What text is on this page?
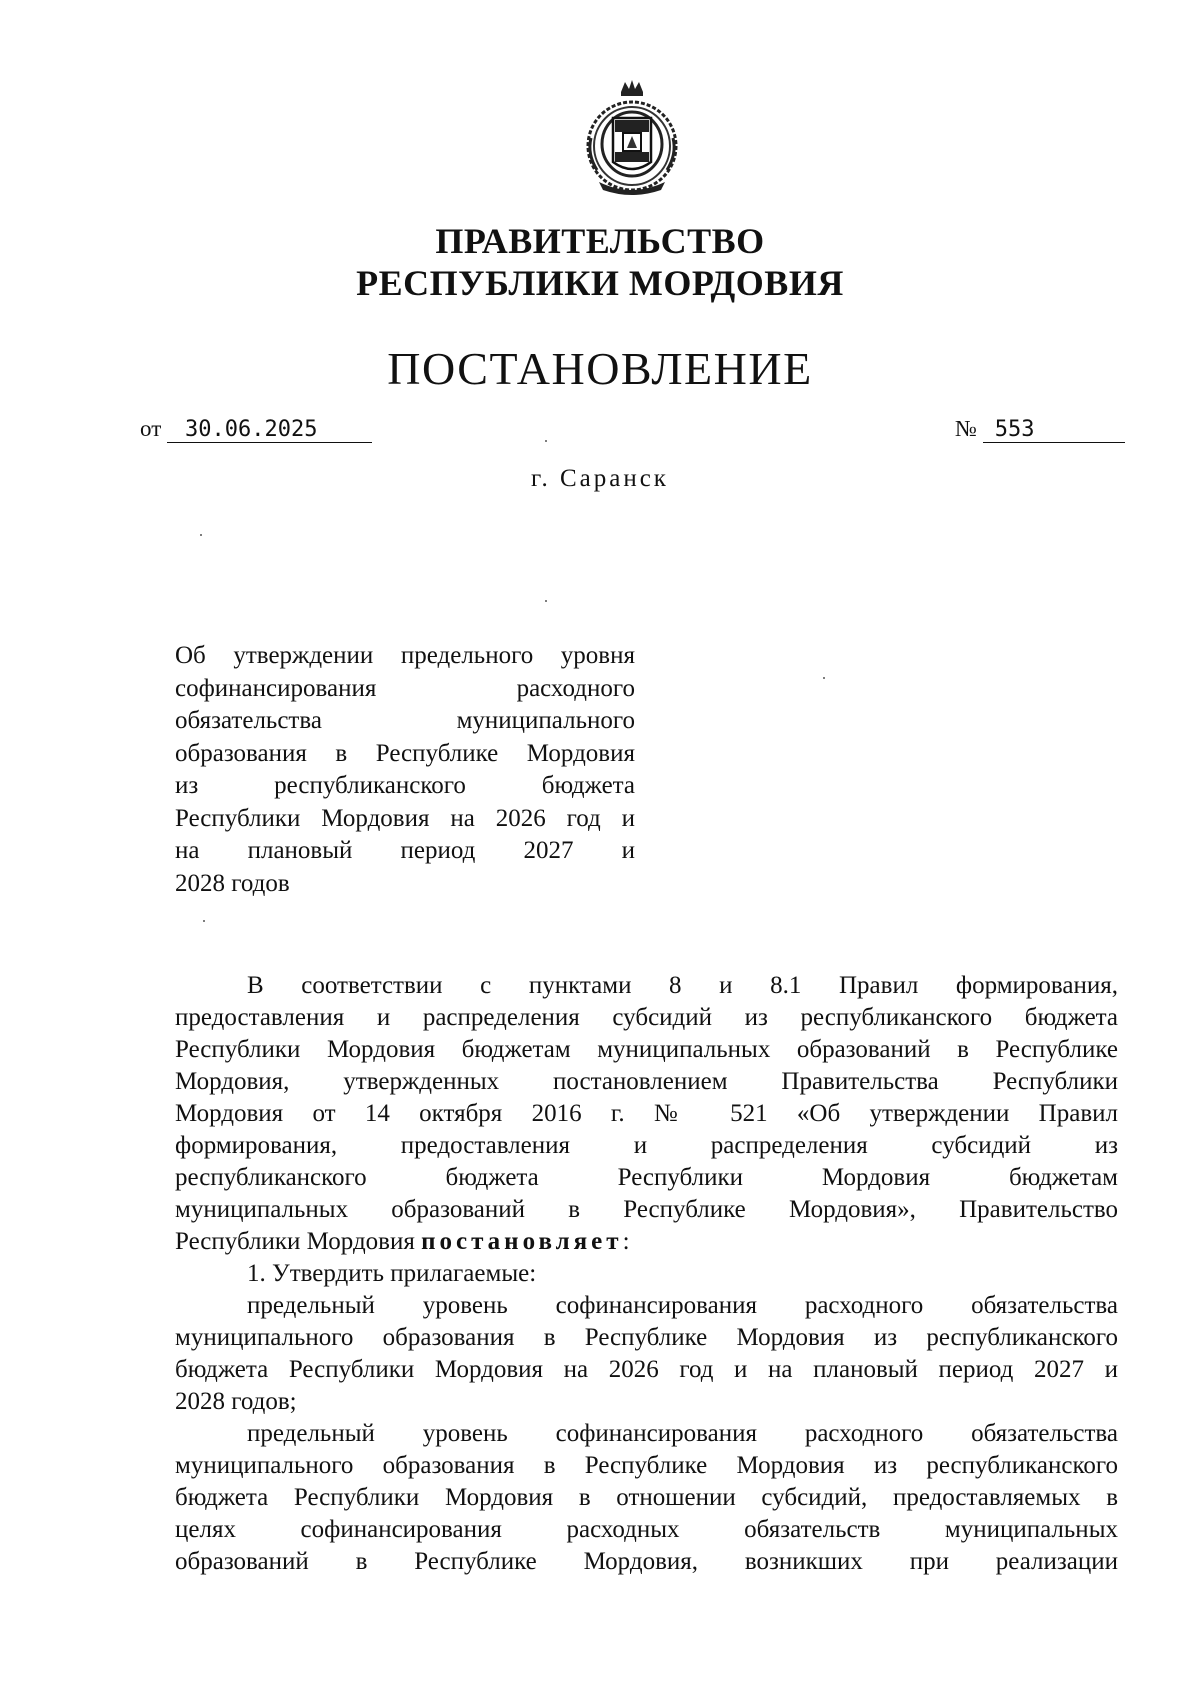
ПРАВИТЕЛЬСТВО
РЕСПУБЛИКИ МОРДОВИЯ
ПОСТАНОВЛЕНИЕ
от 30.06.2025	№ 553
г. Саранск
Об утверждении предельного уровня
софинансирования расходного
обязательства муниципального
образования в Республике Мордовия
из республиканского бюджета
Республики Мордовия на 2026 год и
на плановый период 2027 и
2028 годов
В соответствии с пунктами 8 и 8.1 Правил формирования,
предоставления и распределения субсидий из республиканского бюджета
Республики Мордовия бюджетам муниципальных образований в Республике
Мордовия, утвержденных постановлением Правительства Республики
Мордовия от 14 октября 2016 г. № 521 «Об утверждении Правил
формирования, предоставления и распределения субсидий из
республиканского бюджета Республики Мордовия бюджетам
муниципальных образований в Республике Мордовия», Правительство
Республики Мордовия постановляет:
1. Утвердить прилагаемые:
предельный уровень софинансирования расходного обязательства
муниципального образования в Республике Мордовия из республиканского
бюджета Республики Мордовия на 2026 год и на плановый период 2027 и
2028 годов;
предельный уровень софинансирования расходного обязательства
муниципального образования в Республике Мордовия из республиканского
бюджета Республики Мордовия в отношении субсидий, предоставляемых в
целях софинансирования расходных обязательств муниципальных
образований в Республике Мордовия, возникших при реализации
